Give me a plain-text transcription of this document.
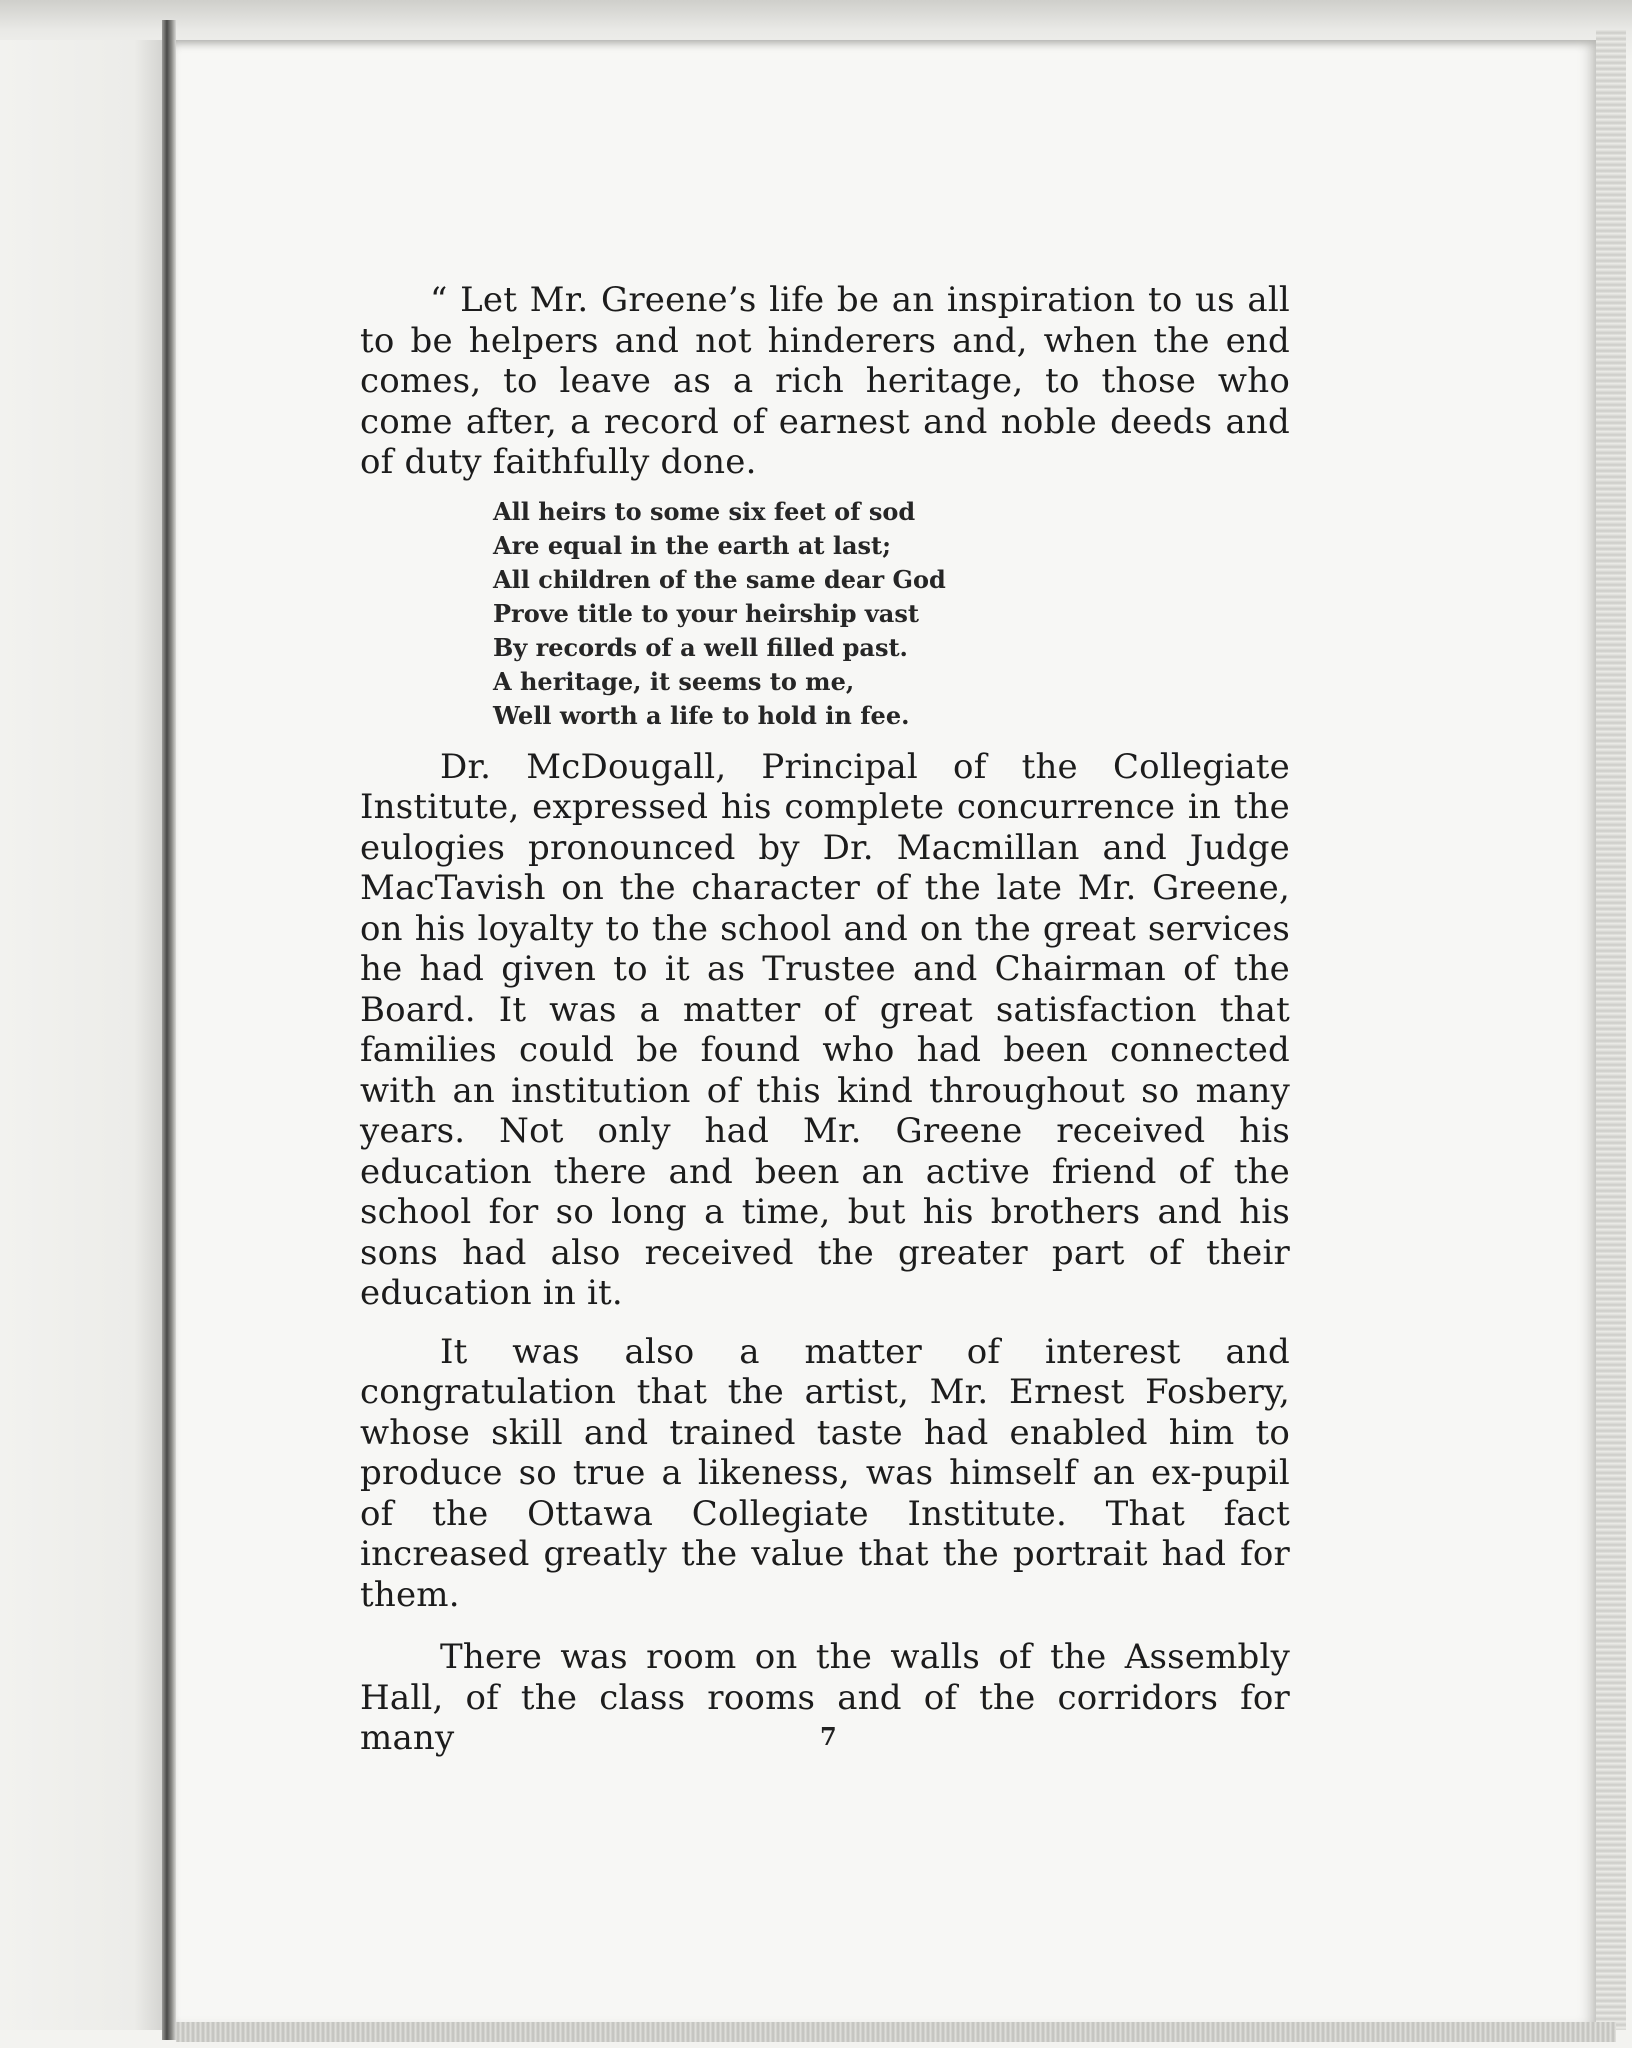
“ Let Mr. Greene’s life be an inspiration to us all to be helpers and not hinderers and, when the end comes, to leave as a rich heritage, to those who come after, a record of earnest and noble deeds and of duty faithfully done.

All heirs to some six feet of sod
Are equal in the earth at last;
All children of the same dear God
Prove title to your heirship vast
By records of a well filled past.
A heritage, it seems to me,
Well worth a life to hold in fee.

Dr. McDougall, Principal of the Collegiate Institute, expressed his complete concurrence in the eulogies pronounced by Dr. Macmillan and Judge MacTavish on the character of the late Mr. Greene, on his loyalty to the school and on the great services he had given to it as Trustee and Chairman of the Board. It was a matter of great satisfaction that families could be found who had been connected with an institution of this kind throughout so many years. Not only had Mr. Greene received his education there and been an active friend of the school for so long a time, but his brothers and his sons had also received the greater part of their education in it.

It was also a matter of interest and congratulation that the artist, Mr. Ernest Fosbery, whose skill and trained taste had enabled him to produce so true a likeness, was himself an ex-pupil of the Ottawa Collegiate Institute. That fact increased greatly the value that the portrait had for them.

There was room on the walls of the Assembly Hall, of the class rooms and of the corridors for many	7
